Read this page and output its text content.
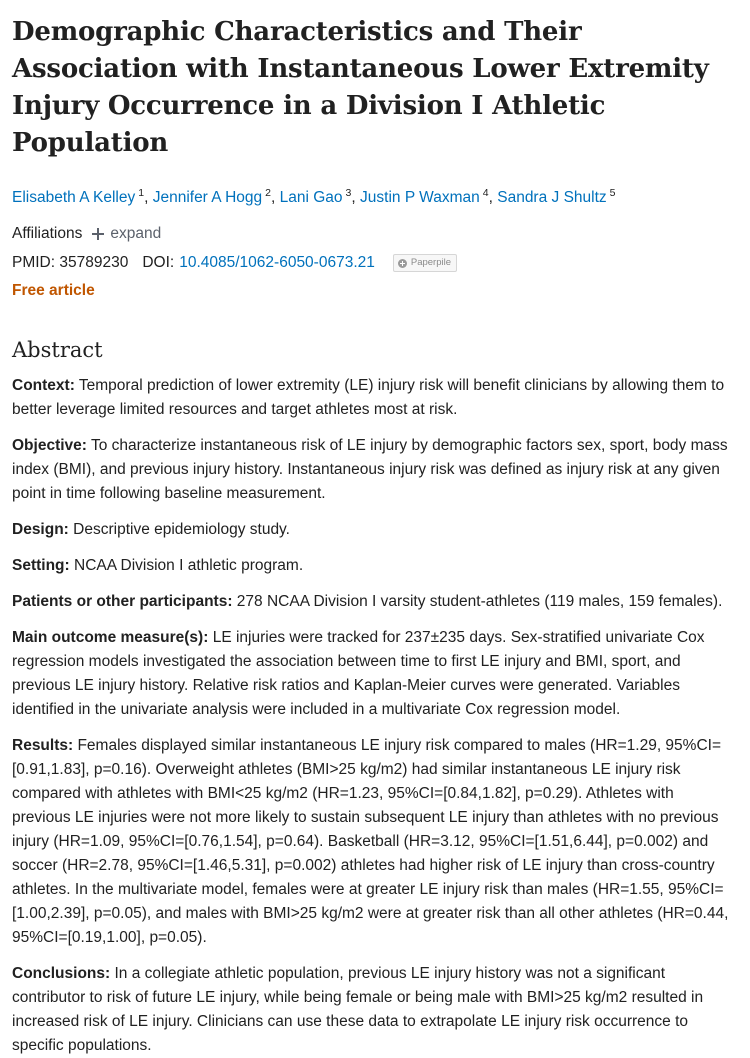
Demographic Characteristics and Their Association with Instantaneous Lower Extremity Injury Occurrence in a Division I Athletic Population
Elisabeth A Kelley $^1$, Jennifer A Hogg $^2$, Lani Gao $^3$, Justin P Waxman $^4$, Sandra J Shultz $^5$
Affiliations expand
PMID:
35789230 DOI: 10.4085/1062-6050-0673.21	Paperpile
Free article
Abstract

Context: Temporal prediction of lower extremity (LE) injury risk will benefit clinicians by allowing them to better leverage limited resources and target athletes most at risk.

Objective: To characterize instantaneous risk of LE injury by demographic factors sex, sport, body mass index (BMI), and previous injury history. Instantaneous injury risk was defined as injury risk at any given point in time following baseline measurement.

Design: Descriptive epidemiology study.

Setting: NCAA Division I athletic program.

Patients or other participants: 278 NCAA Division I varsity student-athletes (119 males, 159 females).

Main outcome measure(s): LE injuries were tracked for 237±235 days. Sex-stratified univariate Cox regression models investigated the association between time to first LE injury and BMI, sport, and previous LE injury history. Relative risk ratios and Kaplan-Meier curves were generated. Variables identified in the univariate analysis were included in a multivariate Cox regression model.

Results: Females displayed similar instantaneous LE injury risk compared to males (HR=1.29, 95%CI=[0.91,1.83], p=0.16). Overweight athletes (BMI>25 kg/m2) had similar instantaneous LE injury risk compared with athletes with BMI<25 kg/m2 (HR=1.23, 95%CI=[0.84,1.82], p=0.29). Athletes with previous LE injuries were not more likely to sustain subsequent LE injury than athletes with no previous injury (HR=1.09, 95%CI=[0.76,1.54], p=0.64). Basketball (HR=3.12, 95%CI=[1.51,6.44], p=0.002) and soccer (HR=2.78, 95%CI=[1.46,5.31], p=0.002) athletes had higher risk of LE injury than cross-country athletes. In the multivariate model, females were at greater LE injury risk than males (HR=1.55, 95%CI=[1.00,2.39], p=0.05), and males with BMI>25 kg/m2 were at greater risk than all other athletes (HR=0.44, 95%CI=[0.19,1.00], p=0.05).

Conclusions: In a collegiate athletic population, previous LE injury history was not a significant contributor to risk of future LE injury, while being female or being male with BMI>25 kg/m2 resulted in increased risk of LE injury. Clinicians can use these data to extrapolate LE injury risk occurrence to specific populations.
